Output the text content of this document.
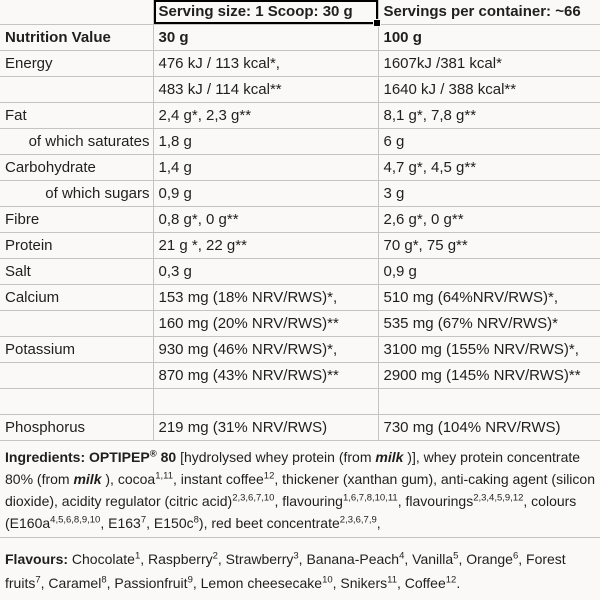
	Serving size: 1 Scoop: 30 g	Servings per container: ~66
Nutrition Value	30 g	100 g
Energy	476 kJ / 113 kcal*,	1607kJ /381 kcal*
	483 kJ / 114 kcal**	1640 kJ / 388 kcal**
Fat	2,4 g*, 2,3 g**	8,1 g*, 7,8 g**
of which saturates	1,8 g	6 g
Carbohydrate	1,4 g	4,7 g*, 4,5 g**
of which sugars	0,9 g	3 g
Fibre	0,8 g*, 0 g**	2,6 g*, 0 g**
Protein	21 g *, 22 g**	70 g*, 75 g**
Salt	0,3 g	0,9 g
Calcium	153 mg (18% NRV/RWS)*,	510 mg (64%NRV/RWS)*,
	160 mg (20% NRV/RWS)**	535 mg (67% NRV/RWS)*
Potassium	930 mg (46% NRV/RWS)*,	3100 mg (155% NRV/RWS)*,
	870 mg (43% NRV/RWS)**	2900 mg (145% NRV/RWS)**

Phosphorus	219 mg (31% NRV/RWS)	730 mg (104% NRV/RWS)
Ingredients: OPTIPEP® 80 [hydrolysed whey protein (from milk )], whey protein concentrate 80% (from milk ), cocoa$^{1,11}$, instant coffee$^{12}$, thickener (xanthan gum), anti-caking agent (silicon dioxide), acidity regulator (citric acid)$^{2,3,6,7,10}$, flavouring$^{1,6,7,8,10,11}$, flavourings$^{2,3,4,5,9,12}$, colours ($E160a^{4,5,6,8,9,10}$, $E163^7$, $E150c^8$), red beet concentrate$^{2,3,6,7,9}$,
Flavours: Chocolate$^1$, Raspberry$^2$, Strawberry$^3$, Banana-Peach$^4$, Vanilla$^5$, Orange$^6$, Forest fruits$^7$, Caramel$^8$, Passionfruit$^9$, Lemon cheesecake$^{10}$, Snikers$^{11}$, Coffee$^{12}$.
